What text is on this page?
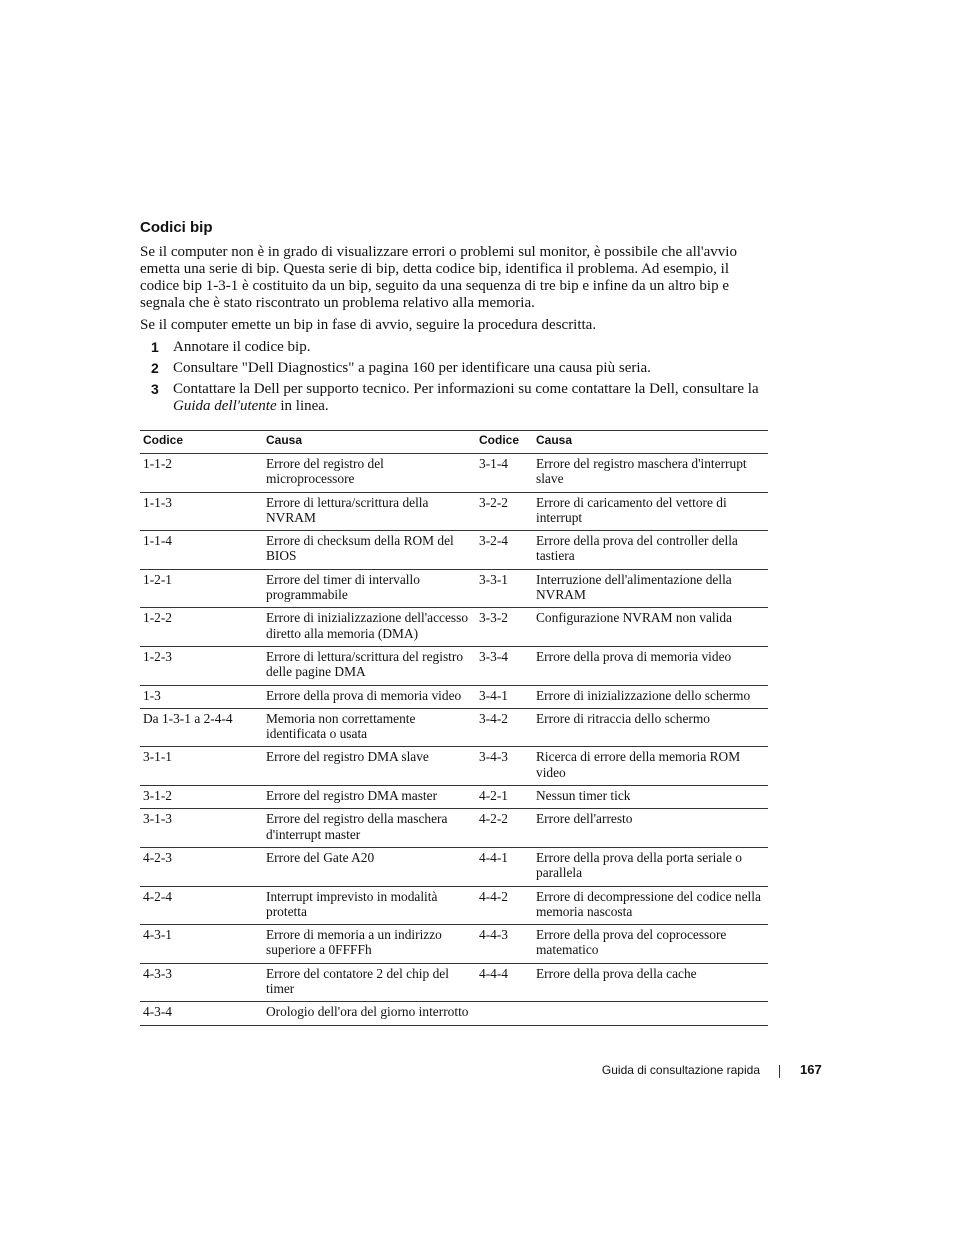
Codici bip

Se il computer non è in grado di visualizzare errori o problemi sul monitor, è possibile che all'avvio emetta una serie di bip. Questa serie di bip, detta codice bip, identifica il problema. Ad esempio, il codice bip 1-3-1 è costituito da un bip, seguito da una sequenza di tre bip e infine da un altro bip e segnala che è stato riscontrato un problema relativo alla memoria.

Se il computer emette un bip in fase di avvio, seguire la procedura descritta.

1 Annotare il codice bip.
2 Consultare "Dell Diagnostics" a pagina 160 per identificare una causa più seria.
3 Contattare la Dell per supporto tecnico. Per informazioni su come contattare la Dell, consultare la Guida dell'utente in linea.
Codice	Causa	Codice	Causa
1-1-2	Errore del registro del microprocessore	3-1-4	Errore del registro maschera d'interrupt slave
1-1-3	Errore di lettura/scrittura della NVRAM	3-2-2	Errore di caricamento del vettore di interrupt
1-1-4	Errore di checksum della ROM del BIOS	3-2-4	Errore della prova del controller della tastiera
1-2-1	Errore del timer di intervallo programmabile	3-3-1	Interruzione dell'alimentazione della NVRAM
1-2-2	Errore di inizializzazione dell'accesso diretto alla memoria (DMA)	3-3-2	Configurazione NVRAM non valida
1-2-3	Errore di lettura/scrittura del registro delle pagine DMA	3-3-4	Errore della prova di memoria video
1-3	Errore della prova di memoria video	3-4-1	Errore di inizializzazione dello schermo
Da 1-3-1 a 2-4-4	Memoria non correttamente identificata o usata	3-4-2	Errore di ritraccia dello schermo
3-1-1	Errore del registro DMA slave	3-4-3	Ricerca di errore della memoria ROM video
3-1-2	Errore del registro DMA master	4-2-1	Nessun timer tick
3-1-3	Errore del registro della maschera d'interrupt master	4-2-2	Errore dell'arresto
4-2-3	Errore del Gate A20	4-4-1	Errore della prova della porta seriale o parallela
4-2-4	Interrupt imprevisto in modalità protetta	4-4-2	Errore di decompressione del codice nella memoria nascosta
4-3-1	Errore di memoria a un indirizzo superiore a 0FFFFh	4-4-3	Errore della prova del coprocessore matematico
4-3-3	Errore del contatore 2 del chip del timer	4-4-4	Errore della prova della cache
4-3-4	Orologio dell'ora del giorno interrotto		
Guida di consultazione rapida	167
